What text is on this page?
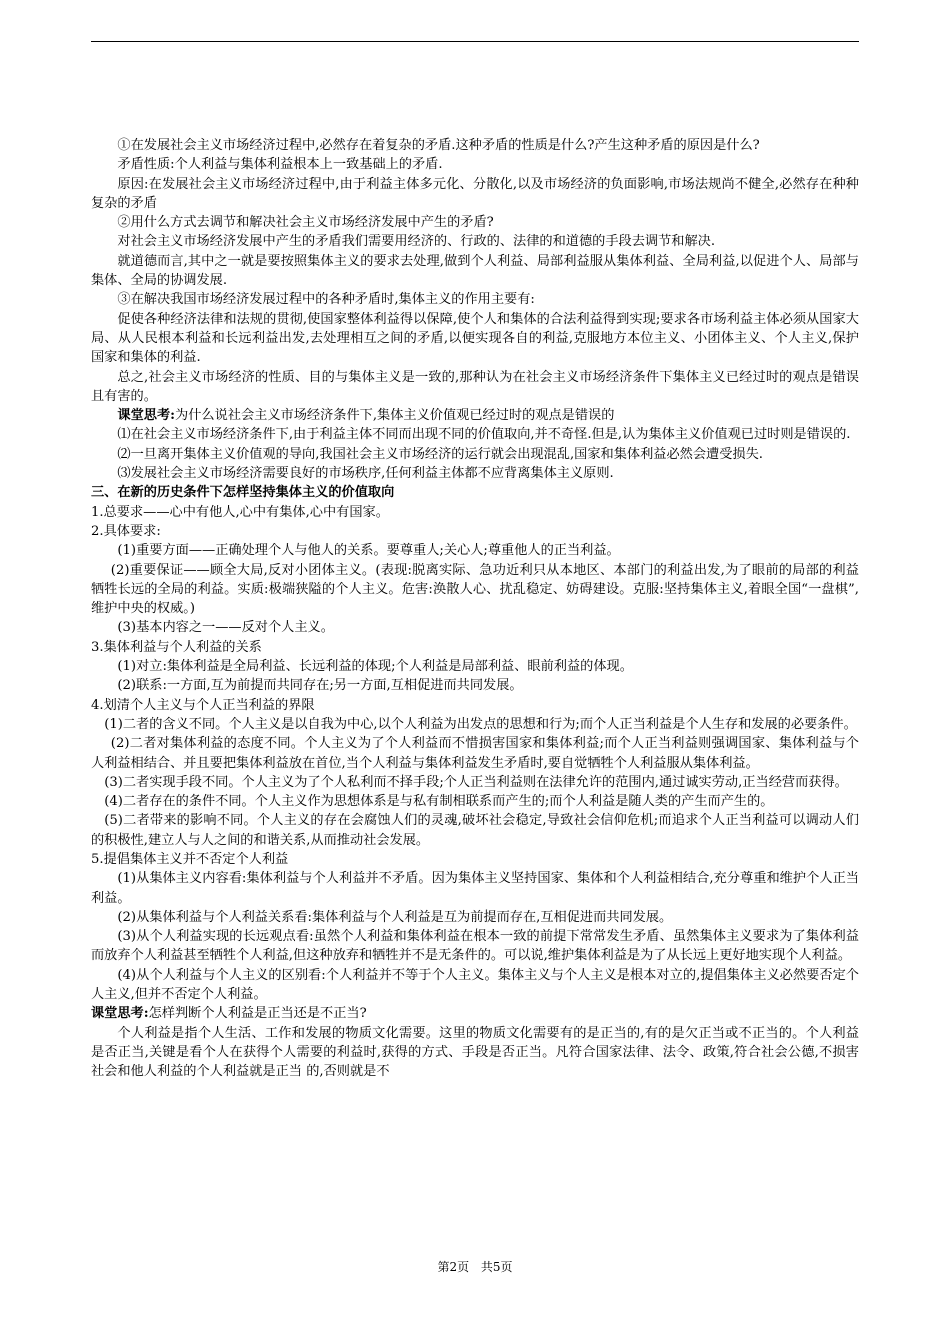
①在发展社会主义市场经济过程中,必然存在着复杂的矛盾.这种矛盾的性质是什么?产生这种矛盾的原因是什么?

矛盾性质:个人利益与集体利益根本上一致基础上的矛盾.

原因:在发展社会主义市场经济过程中,由于利益主体多元化、分散化,以及市场经济的负面影响,市场法规尚不健全,必然存在种种复杂的矛盾

②用什么方式去调节和解决社会主义市场经济发展中产生的矛盾?

对社会主义市场经济发展中产生的矛盾我们需要用经济的、行政的、法律的和道德的手段去调节和解决.

就道德而言,其中之一就是要按照集体主义的要求去处理,做到个人利益、局部利益服从集体利益、全局利益,以促进个人、局部与集体、全局的协调发展.

③在解决我国市场经济发展过程中的各种矛盾时,集体主义的作用主要有:

促使各种经济法律和法规的贯彻,使国家整体利益得以保障,使个人和集体的合法利益得到实现;要求各市场利益主体必须从国家大局、从人民根本利益和长远利益出发,去处理相互之间的矛盾,以便实现各自的利益,克服地方本位主义、小团体主义、个人主义,保护国家和集体的利益.

总之,社会主义市场经济的性质、目的与集体主义是一致的,那种认为在社会主义市场经济条件下集体主义已经过时的观点是错误且有害的。

课堂思考:为什么说社会主义市场经济条件下,集体主义价值观已经过时的观点是错误的

⑴在社会主义市场经济条件下,由于利益主体不同而出现不同的价值取向,并不奇怪.但是,认为集体主义价值观已过时则是错误的.

⑵一旦离开集体主义价值观的导向,我国社会主义市场经济的运行就会出现混乱,国家和集体利益必然会遭受损失.

⑶发展社会主义市场经济需要良好的市场秩序,任何利益主体都不应背离集体主义原则.

三、在新的历史条件下怎样坚持集体主义的价值取向

1.总要求——心中有他人,心中有集体,心中有国家。

2.具体要求:

(1)重要方面——正确处理个人与他人的关系。要尊重人;关心人;尊重他人的正当利益。

(2)重要保证——顾全大局,反对小团体主义。(表现:脱离实际、急功近利只从本地区、本部门的利益出发,为了眼前的局部的利益牺牲长远的全局的利益。实质:极端狭隘的个人主义。危害:涣散人心、扰乱稳定、妨碍建设。克服:坚持集体主义,着眼全国“一盘棋”,维护中央的权威。)

(3)基本内容之一——反对个人主义。

3.集体利益与个人利益的关系

(1)对立:集体利益是全局利益、长远利益的体现;个人利益是局部利益、眼前利益的体现。

(2)联系:一方面,互为前提而共同存在;另一方面,互相促进而共同发展。

4.划清个人主义与个人正当利益的界限

(1)二者的含义不同。个人主义是以自我为中心,以个人利益为出发点的思想和行为;而个人正当利益是个人生存和发展的必要条件。

(2)二者对集体利益的态度不同。个人主义为了个人利益而不惜损害国家和集体利益;而个人正当利益则强调国家、集体利益与个人利益相结合、并且要把集体利益放在首位,当个人利益与集体利益发生矛盾时,要自觉牺牲个人利益服从集体利益。

(3)二者实现手段不同。个人主义为了个人私利而不择手段;个人正当利益则在法律允许的范围内,通过诚实劳动,正当经营而获得。

(4)二者存在的条件不同。个人主义作为思想体系是与私有制相联系而产生的;而个人利益是随人类的产生而产生的。

(5)二者带来的影响不同。个人主义的存在会腐蚀人们的灵魂,破坏社会稳定,导致社会信仰危机;而追求个人正当利益可以调动人们的积极性,建立人与人之间的和谐关系,从而推动社会发展。

5.提倡集体主义并不否定个人利益

(1)从集体主义内容看:集体利益与个人利益并不矛盾。因为集体主义坚持国家、集体和个人利益相结合,充分尊重和维护个人正当利益。

(2)从集体利益与个人利益关系看:集体利益与个人利益是互为前提而存在,互相促进而共同发展。

(3)从个人利益实现的长远观点看:虽然个人利益和集体利益在根本一致的前提下常常发生矛盾、虽然集体主义要求为了集体利益而放弃个人利益甚至牺牲个人利益,但这种放弃和牺牲并不是无条件的。可以说,维护集体利益是为了从长远上更好地实现个人利益。

(4)从个人利益与个人主义的区别看:个人利益并不等于个人主义。集体主义与个人主义是根本对立的,提倡集体主义必然要否定个人主义,但并不否定个人利益。

课堂思考:怎样判断个人利益是正当还是不正当?

个人利益是指个人生活、工作和发展的物质文化需要。这里的物质文化需要有的是正当的,有的是欠正当或不正当的。个人利益是否正当,关键是看个人在获得个人需要的利益时,获得的方式、手段是否正当。凡符合国家法律、法令、政策,符合社会公德,不损害社会和他人利益的个人利益就是正当 的,否则就是不

第2页 共5页
